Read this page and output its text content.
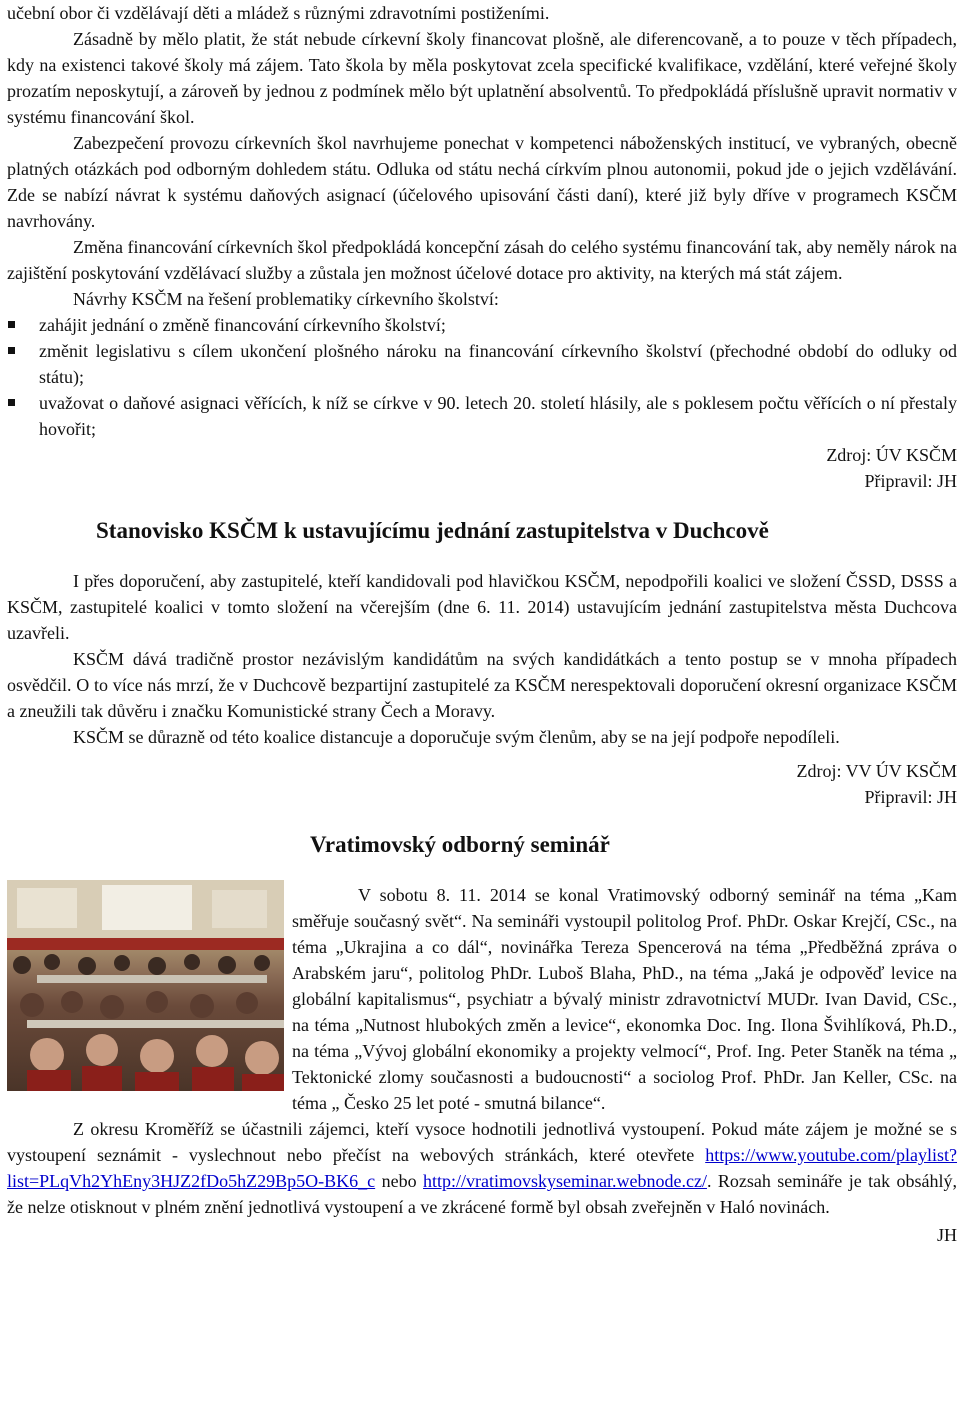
učební obor či vzdělávají děti a mládež s různými zdravotními postiženími.

Zásadně by mělo platit, že stát nebude církevní školy financovat plošně, ale diferencovaně, a to pouze v těch případech, kdy na existenci takové školy má zájem. Tato škola by měla poskytovat zcela specifické kvalifikace, vzdělání, které veřejné školy prozatím neposkytují, a zároveň by jednou z podmínek mělo být uplatnění absolventů. To předpokládá příslušně upravit normativ v systému financování škol.

Zabezpečení provozu církevních škol navrhujeme ponechat v kompetenci náboženských institucí, ve vybraných, obecně platných otázkách pod odborným dohledem státu. Odluka od státu nechá církvím plnou autonomii, pokud jde o jejich vzdělávání. Zde se nabízí návrat k systému daňových asignací (účelového upisování části daní), které již byly dříve v programech KSČM navrhovány.

Změna financování církevních škol předpokládá koncepční zásah do celého systému financování tak, aby neměly nárok na zajištění poskytování vzdělávací služby a zůstala jen možnost účelové dotace pro aktivity, na kterých má stát zájem.

Návrhy KSČM na řešení problematiky církevního školství:

zahájit jednání o změně financování církevního školství;
změnit legislativu s cílem ukončení plošného nároku na financování církevního školství (přechodné období do odluky od státu);
uvažovat o daňové asignaci věřících, k níž se církve v 90. letech 20. století hlásily, ale s poklesem počtu věřících o ní přestaly hovořit;
Zdroj: ÚV KSČM
Připravil: JH
Stanovisko KSČM k ustavujícímu jednání zastupitelstva v Duchcově

I přes doporučení, aby zastupitelé, kteří kandidovali pod hlavičkou KSČM, nepodpořili koalici ve složení ČSSD, DSSS a KSČM, zastupitelé koalici v tomto složení na včerejším (dne 6. 11. 2014) ustavujícím jednání zastupitelstva města Duchcova uzavřeli.

KSČM dává tradičně prostor nezávislým kandidátům na svých kandidátkách a tento postup se v mnoha případech osvědčil. O to více nás mrzí, že v Duchcově bezpartijní zastupitelé za KSČM nerespektovali doporučení okresní organizace KSČM a zneužili tak důvěru i značku Komunistické strany Čech a Moravy.

KSČM se důrazně od této koalice distancuje a doporučuje svým členům, aby se na její podpoře nepodíleli.

Zdroj: VV ÚV KSČM
Připravil: JH
Vratimovský odborný seminář

V sobotu 8. 11. 2014 se konal Vratimovský odborný seminář na téma „Kam směřuje současný svět“. Na semináři vystoupil politolog Prof. PhDr. Oskar Krejčí, CSc., na téma „Ukrajina a co dál“, novinářka Tereza Spencerová na téma „Předběžná zpráva o Arabském jaru“, politolog PhDr. Luboš Blaha, PhD., na téma „Jaká je odpověď levice na globální kapitalismus“, psychiatr a bývalý ministr zdravotnictví MUDr. Ivan David, CSc., na téma „Nutnost hlubokých změn a levice“, ekonomka Doc. Ing. Ilona Švihlíková, Ph.D., na téma „Vývoj globální ekonomiky a projekty velmocí“, Prof. Ing. Peter Staněk na téma „ Tektonické zlomy současnosti a budoucnosti“ a sociolog Prof. PhDr. Jan Keller, CSc. na téma „ Česko 25 let poté - smutná bilance“.

Z okresu Kroměříž se účastnili zájemci, kteří vysoce hodnotili jednotlivá vystoupení. Pokud máte zájem je možné se s vystoupení seznámit - vyslechnout nebo přečíst na webových stránkách, které otevřete https://www.youtube.com/playlist?list=PLqVh2YhEny3HJZ2fDo5hZ29Bp5O-BK6_c nebo http://vratimovskyseminar.webnode.cz/. Rozsah semináře je tak obsáhlý, že nelze otisknout v plném znění jednotlivá vystoupení a ve zkrácené formě byl obsah zveřejněn v Haló novinách.

JH
